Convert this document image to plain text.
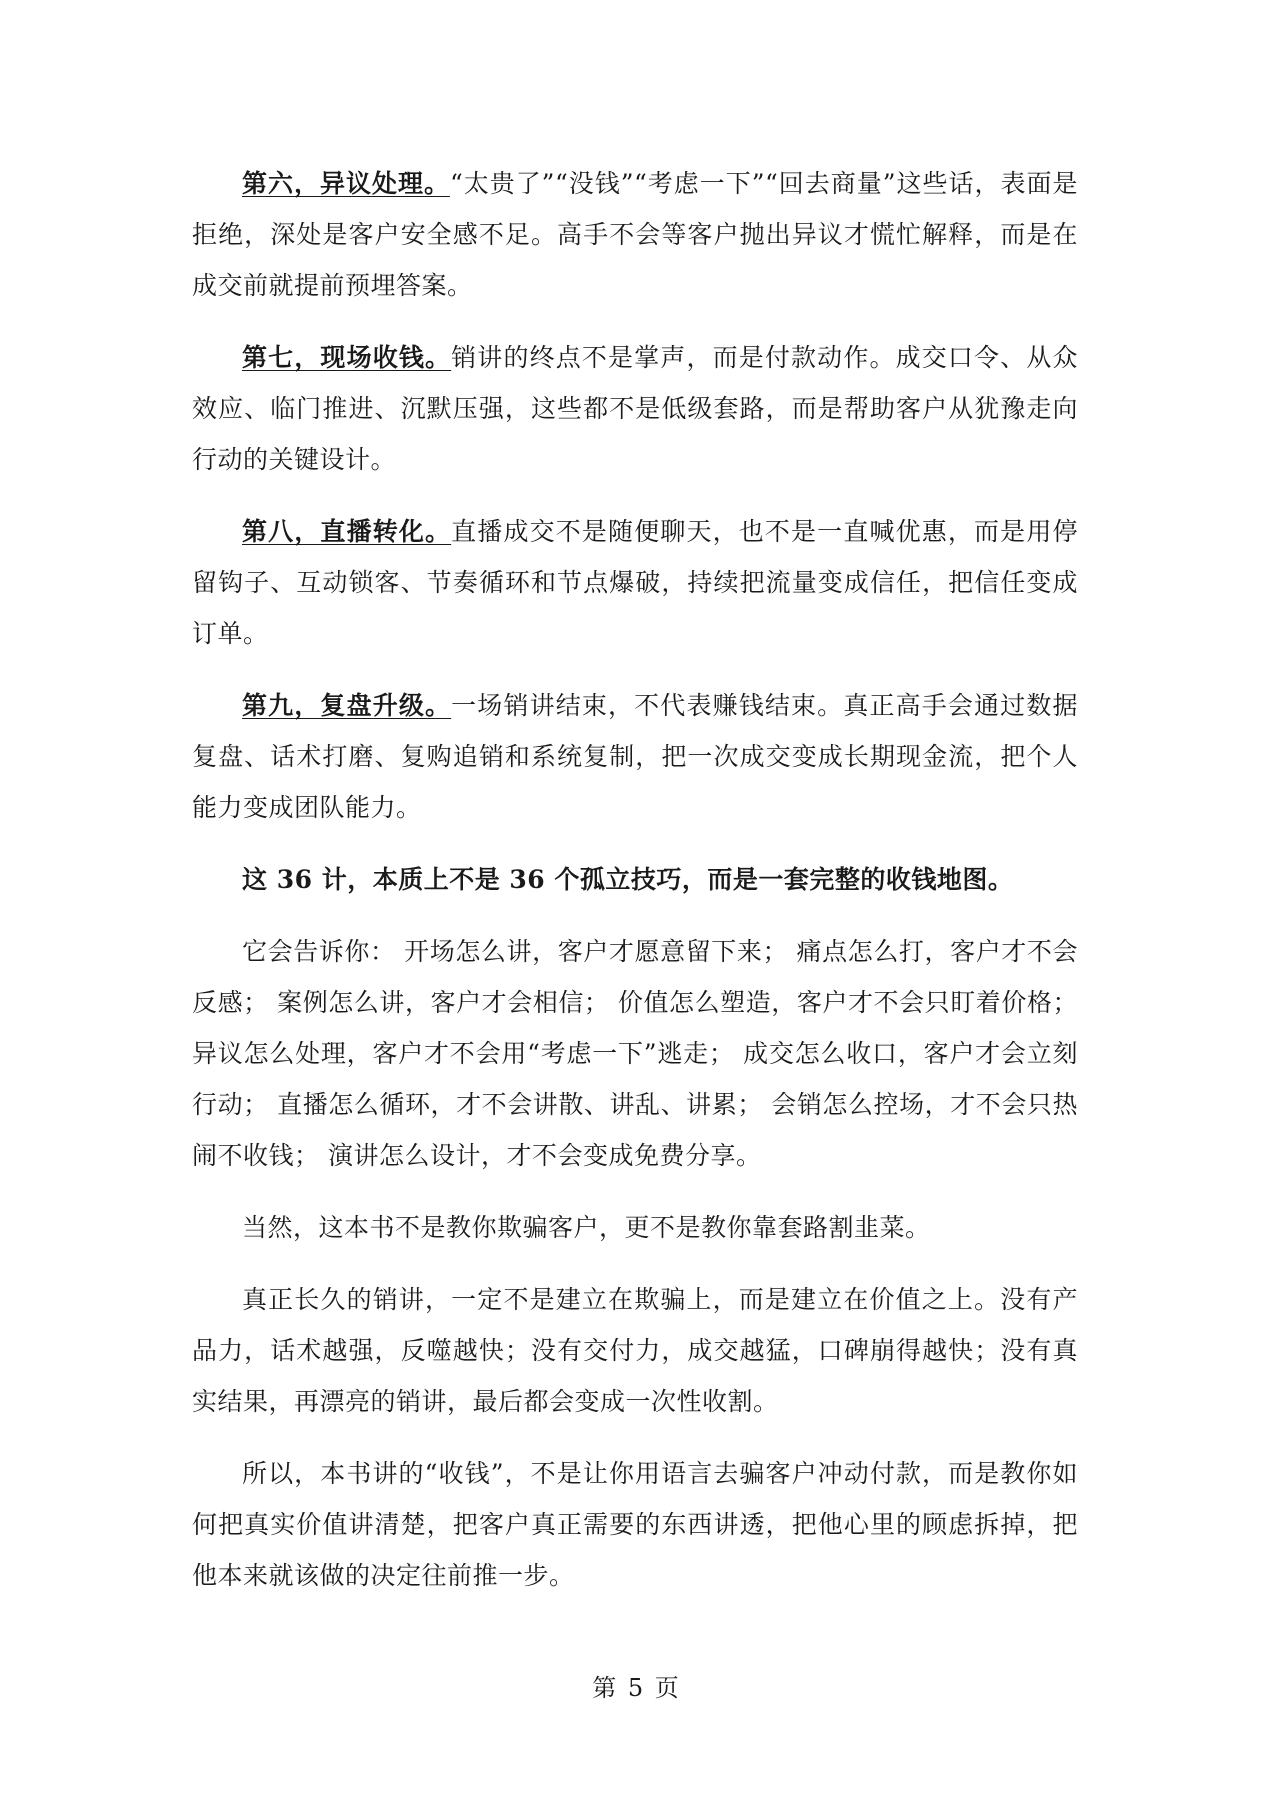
第六，异议处理。“太贵了”“没钱”“考虑一下”“回去商量”这些话，表面是拒绝，深处是客户安全感不足。高手不会等客户抛出异议才慌忙解释，而是在成交前就提前预埋答案。

第七，现场收钱。销讲的终点不是掌声，而是付款动作。成交口令、从众效应、临门推进、沉默压强，这些都不是低级套路，而是帮助客户从犹豫走向行动的关键设计。

第八，直播转化。直播成交不是随便聊天，也不是一直喊优惠，而是用停留钩子、互动锁客、节奏循环和节点爆破，持续把流量变成信任，把信任变成订单。

第九，复盘升级。一场销讲结束，不代表赚钱结束。真正高手会通过数据复盘、话术打磨、复购追销和系统复制，把一次成交变成长期现金流，把个人能力变成团队能力。

这 36 计，本质上不是 36 个孤立技巧，而是一套完整的收钱地图。

它会告诉你： 开场怎么讲，客户才愿意留下来； 痛点怎么打，客户才不会反感； 案例怎么讲，客户才会相信； 价值怎么塑造，客户才不会只盯着价格； 异议怎么处理，客户才不会用“考虑一下”逃走； 成交怎么收口，客户才会立刻行动； 直播怎么循环，才不会讲散、讲乱、讲累； 会销怎么控场，才不会只热闹不收钱； 演讲怎么设计，才不会变成免费分享。

当然，这本书不是教你欺骗客户，更不是教你靠套路割韭菜。

真正长久的销讲，一定不是建立在欺骗上，而是建立在价值之上。没有产品力，话术越强，反噬越快；没有交付力，成交越猛，口碑崩得越快；没有真实结果，再漂亮的销讲，最后都会变成一次性收割。

所以，本书讲的“收钱”，不是让你用语言去骗客户冲动付款，而是教你如何把真实价值讲清楚，把客户真正需要的东西讲透，把他心里的顾虑拆掉，把他本来就该做的决定往前推一步。

第 5 页
